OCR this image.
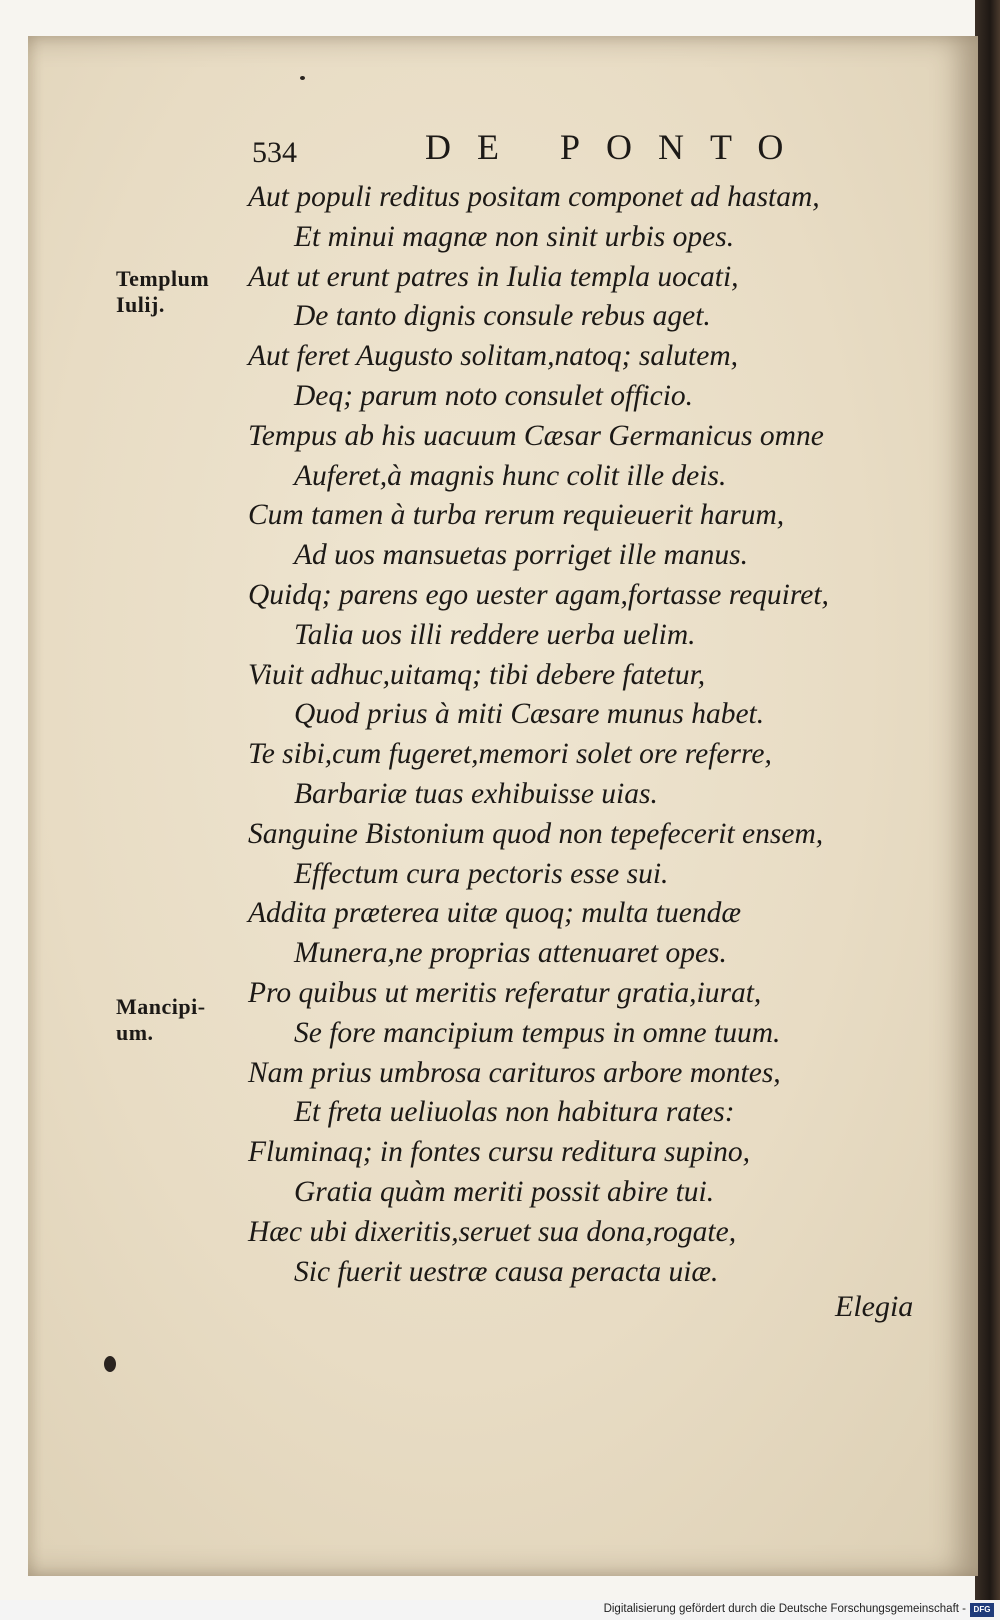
534	DE PONTO
Templum
Iulij.
Mancipi-
um.
Aut populi reditus positam componet ad hastam,
Et minui magnæ non sinit urbis opes.
Aut ut erunt patres in Iulia templa uocati,
De tanto dignis consule rebus aget.
Aut feret Augusto solitam,natoq; salutem,
Deq; parum noto consulet officio.
Tempus ab his uacuum Cæsar Germanicus omne
Auferet,à magnis hunc colit ille deis.
Cum tamen à turba rerum requieuerit harum,
Ad uos mansuetas porriget ille manus.
Quidq; parens ego uester agam,fortasse requiret,
Talia uos illi reddere uerba uelim.
Viuit adhuc,uitamq; tibi debere fatetur,
Quod prius à miti Cæsare munus habet.
Te sibi,cum fugeret,memori solet ore referre,
Barbariæ tuas exhibuisse uias.
Sanguine Bistonium quod non tepefecerit ensem,
Effectum cura pectoris esse sui.
Addita præterea uitæ quoq; multa tuendæ
Munera,ne proprias attenuaret opes.
Pro quibus ut meritis referatur gratia,iurat,
Se fore mancipium tempus in omne tuum.
Nam prius umbrosa carituros arbore montes,
Et freta ueliuolas non habitura rates:
Fluminaq; in fontes cursu reditura supino,
Gratia quàm meriti possit abire tui.
Hæc ubi dixeritis,seruet sua dona,rogate,
Sic fuerit uestræ causa peracta uiæ.
Elegia
Digitalisierung gefördert durch die Deutsche Forschungsgemeinschaft - DFG
